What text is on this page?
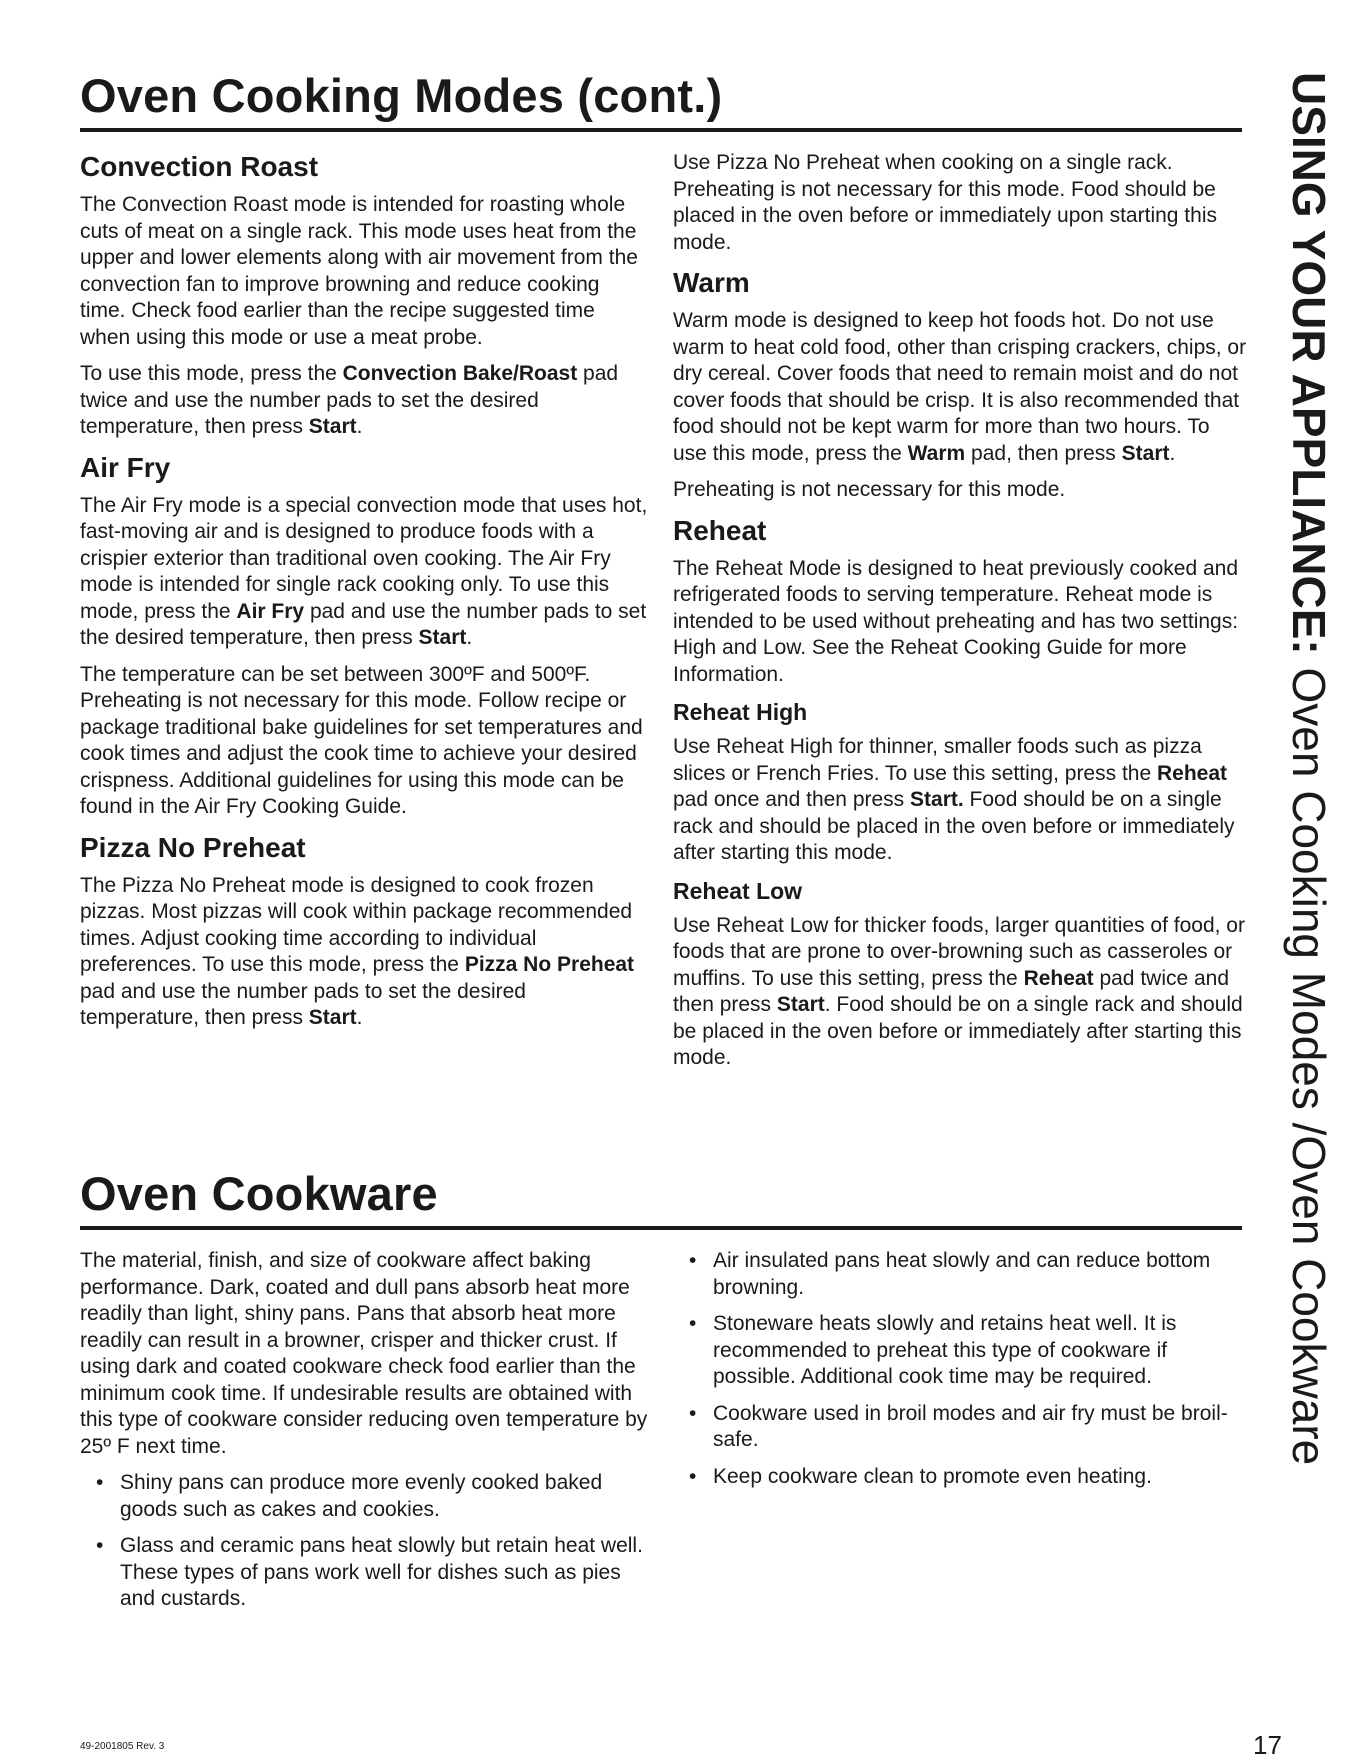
Oven Cooking Modes (cont.)
Convection Roast

The Convection Roast mode is intended for roasting whole cuts of meat on a single rack. This mode uses heat from the upper and lower elements along with air movement from the convection fan to improve browning and reduce cooking time. Check food earlier than the recipe suggested time when using this mode or use a meat probe.

To use this mode, press the Convection Bake/Roast pad twice and use the number pads to set the desired temperature, then press Start.

Air Fry

The Air Fry mode is a special convection mode that uses hot, fast-moving air and is designed to produce foods with a crispier exterior than traditional oven cooking. The Air Fry mode is intended for single rack cooking only. To use this mode, press the Air Fry pad and use the number pads to set the desired temperature, then press Start.

The temperature can be set between 300ºF and 500ºF. Preheating is not necessary for this mode. Follow recipe or package traditional bake guidelines for set temperatures and cook times and adjust the cook time to achieve your desired crispness. Additional guidelines for using this mode can be found in the Air Fry Cooking Guide.

Pizza No Preheat

The Pizza No Preheat mode is designed to cook frozen pizzas. Most pizzas will cook within package recommended times. Adjust cooking time according to individual preferences. To use this mode, press the Pizza No Preheat pad and use the number pads to set the desired temperature, then press Start.

Use Pizza No Preheat when cooking on a single rack. Preheating is not necessary for this mode. Food should be placed in the oven before or immediately upon starting this mode.

Warm

Warm mode is designed to keep hot foods hot. Do not use warm to heat cold food, other than crisping crackers, chips, or dry cereal. Cover foods that need to remain moist and do not cover foods that should be crisp. It is also recommended that food should not be kept warm for more than two hours. To use this mode, press the Warm pad, then press Start.

Preheating is not necessary for this mode.

Reheat

The Reheat Mode is designed to heat previously cooked and refrigerated foods to serving temperature. Reheat mode is intended to be used without preheating and has two settings: High and Low. See the Reheat Cooking Guide for more Information.

Reheat High

Use Reheat High for thinner, smaller foods such as pizza slices or French Fries. To use this setting, press the Reheat pad once and then press Start. Food should be on a single rack and should be placed in the oven before or immediately after starting this mode.

Reheat Low

Use Reheat Low for thicker foods, larger quantities of food, or foods that are prone to over-browning such as casseroles or muffins. To use this setting, press the Reheat pad twice and then press Start. Food should be on a single rack and should be placed in the oven before or immediately after starting this mode.

Oven Cookware

The material, finish, and size of cookware affect baking performance. Dark, coated and dull pans absorb heat more readily than light, shiny pans. Pans that absorb heat more readily can result in a browner, crisper and thicker crust. If using dark and coated cookware check food earlier than the minimum cook time. If undesirable results are obtained with this type of cookware consider reducing oven temperature by 25º F next time.

• Shiny pans can produce more evenly cooked baked goods such as cakes and cookies.
• Glass and ceramic pans heat slowly but retain heat well. These types of pans work well for dishes such as pies and custards.
• Air insulated pans heat slowly and can reduce bottom browning.
• Stoneware heats slowly and retains heat well. It is recommended to preheat this type of cookware if possible. Additional cook time may be required.
• Cookware used in broil modes and air fry must be broil-safe.
• Keep cookware clean to promote even heating.
USING YOUR APPLIANCE: Oven Cooking Modes /Oven Cookware
49-2001805 Rev. 3	17
